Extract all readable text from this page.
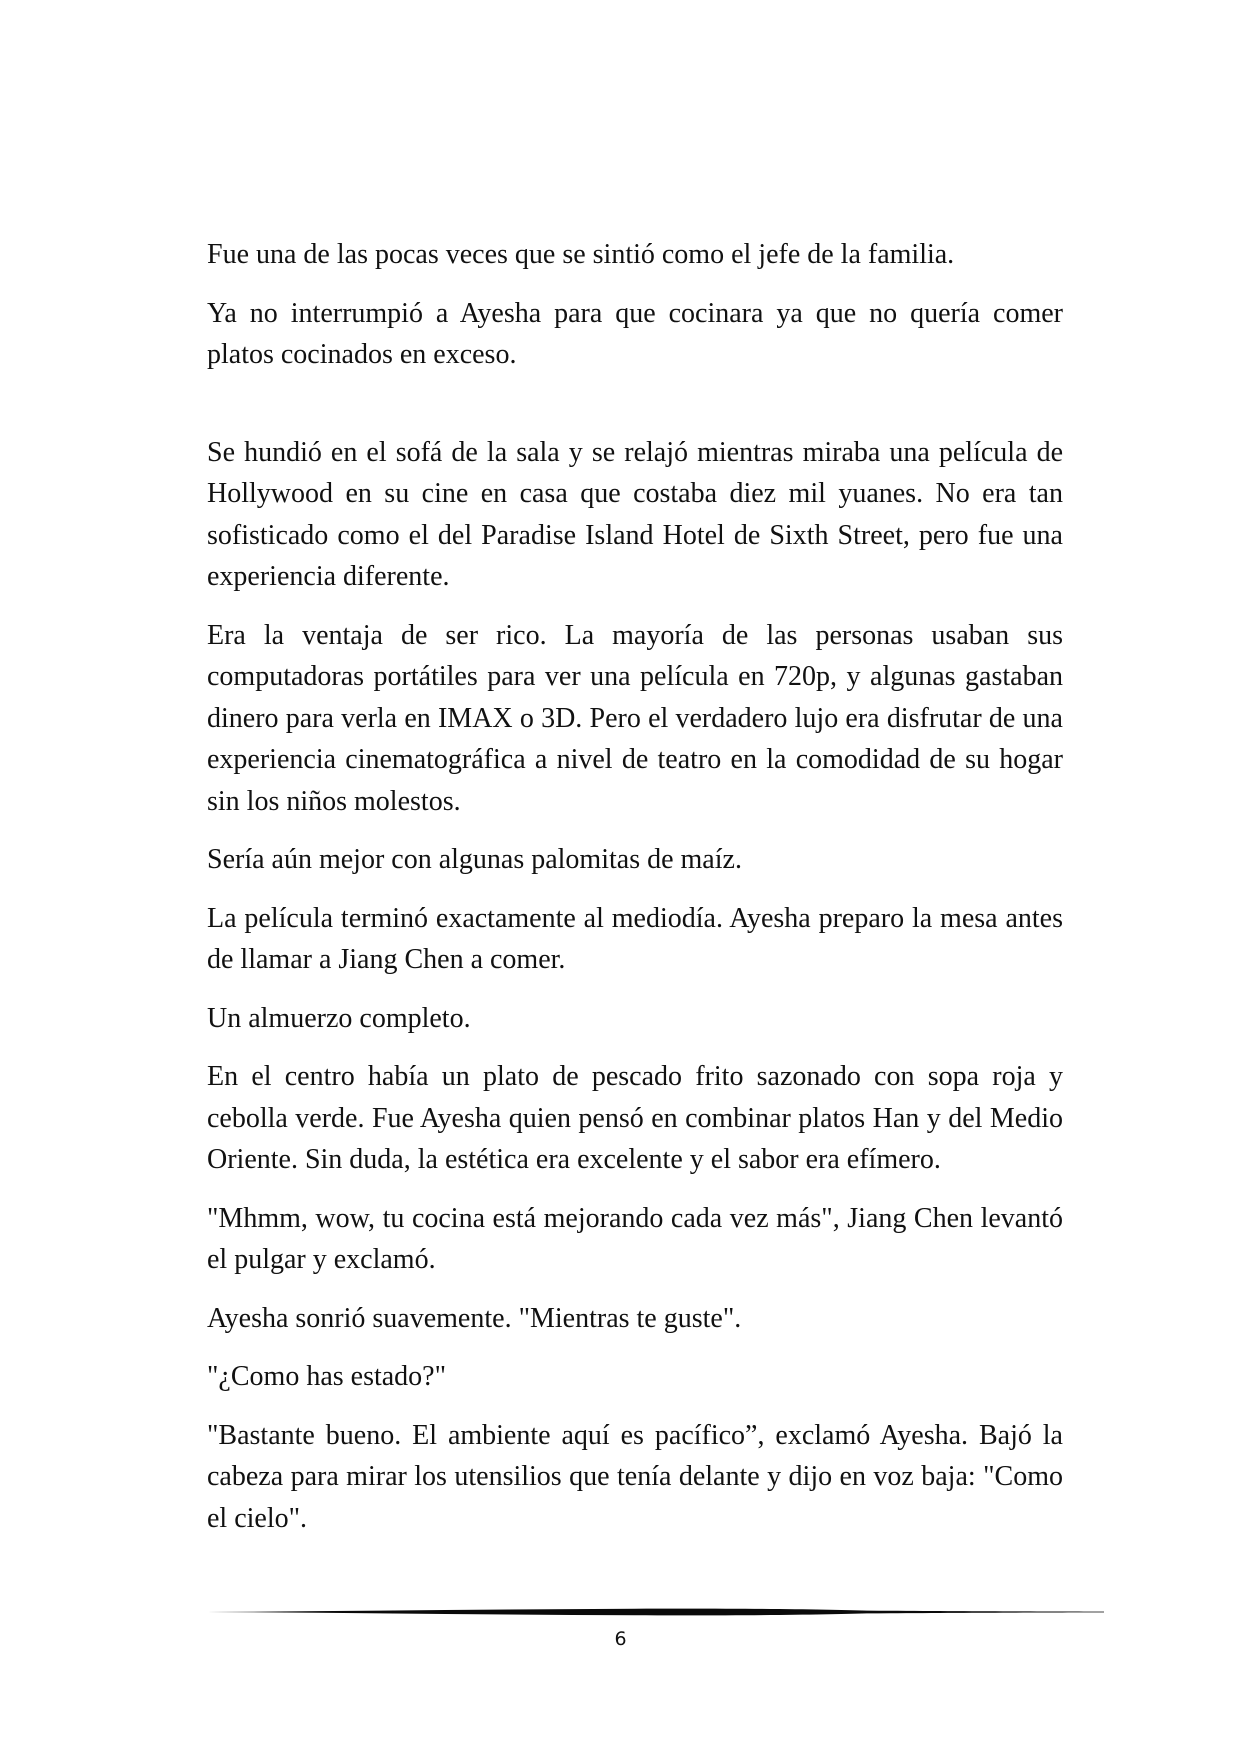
Fue una de las pocas veces que se sintió como el jefe de la familia.

Ya no interrumpió a Ayesha para que cocinara ya que no quería comer platos cocinados en exceso.

Se hundió en el sofá de la sala y se relajó mientras miraba una película de Hollywood en su cine en casa que costaba diez mil yuanes. No era tan sofisticado como el del Paradise Island Hotel de Sixth Street, pero fue una experiencia diferente.

Era la ventaja de ser rico. La mayoría de las personas usaban sus computadoras portátiles para ver una película en 720p, y algunas gastaban dinero para verla en IMAX o 3D. Pero el verdadero lujo era disfrutar de una experiencia cinematográfica a nivel de teatro en la comodidad de su hogar sin los niños molestos.

Sería aún mejor con algunas palomitas de maíz.

La película terminó exactamente al mediodía. Ayesha preparo la mesa antes de llamar a Jiang Chen a comer.

Un almuerzo completo.

En el centro había un plato de pescado frito sazonado con sopa roja y cebolla verde. Fue Ayesha quien pensó en combinar platos Han y del Medio Oriente. Sin duda, la estética era excelente y el sabor era efímero.

"Mhmm, wow, tu cocina está mejorando cada vez más", Jiang Chen levantó el pulgar y exclamó.

Ayesha sonrió suavemente. "Mientras te guste".

"¿Como has estado?"

"Bastante bueno. El ambiente aquí es pacífico”, exclamó Ayesha. Bajó la cabeza para mirar los utensilios que tenía delante y dijo en voz baja: "Como el cielo".

6
